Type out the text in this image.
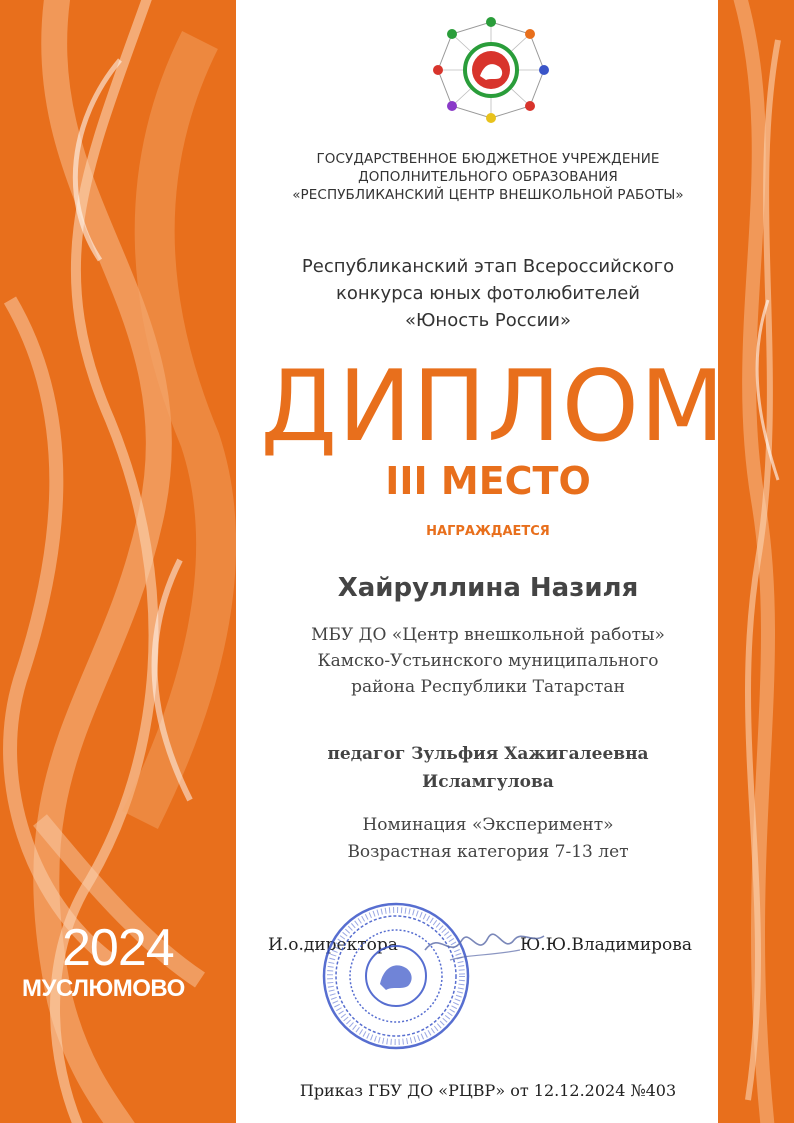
ГОСУДАРСТВЕННОЕ БЮДЖЕТНОЕ УЧРЕЖДЕНИЕ
ДОПОЛНИТЕЛЬНОГО ОБРАЗОВАНИЯ
«РЕСПУБЛИКАНСКИЙ ЦЕНТР ВНЕШКОЛЬНОЙ РАБОТЫ»
Республиканский этап Всероссийского
конкурса юных фотолюбителей
«Юность России»
ДИПЛОМ
III МЕСТО
НАГРАЖДАЕТСЯ
Хайруллина Назиля
МБУ ДО «Центр внешкольной работы»
Камско-Устьинского муниципального
района Республики Татарстан
педагог Зульфия Хажигалеевна
Исламгулова
Номинация «Эксперимент»
Возрастная категория 7-13 лет
И.о.директора	Ю.Ю.Владимирова
Приказ ГБУ ДО «РЦВР» от 12.12.2024 №403
2024
МУСЛЮМОВО
